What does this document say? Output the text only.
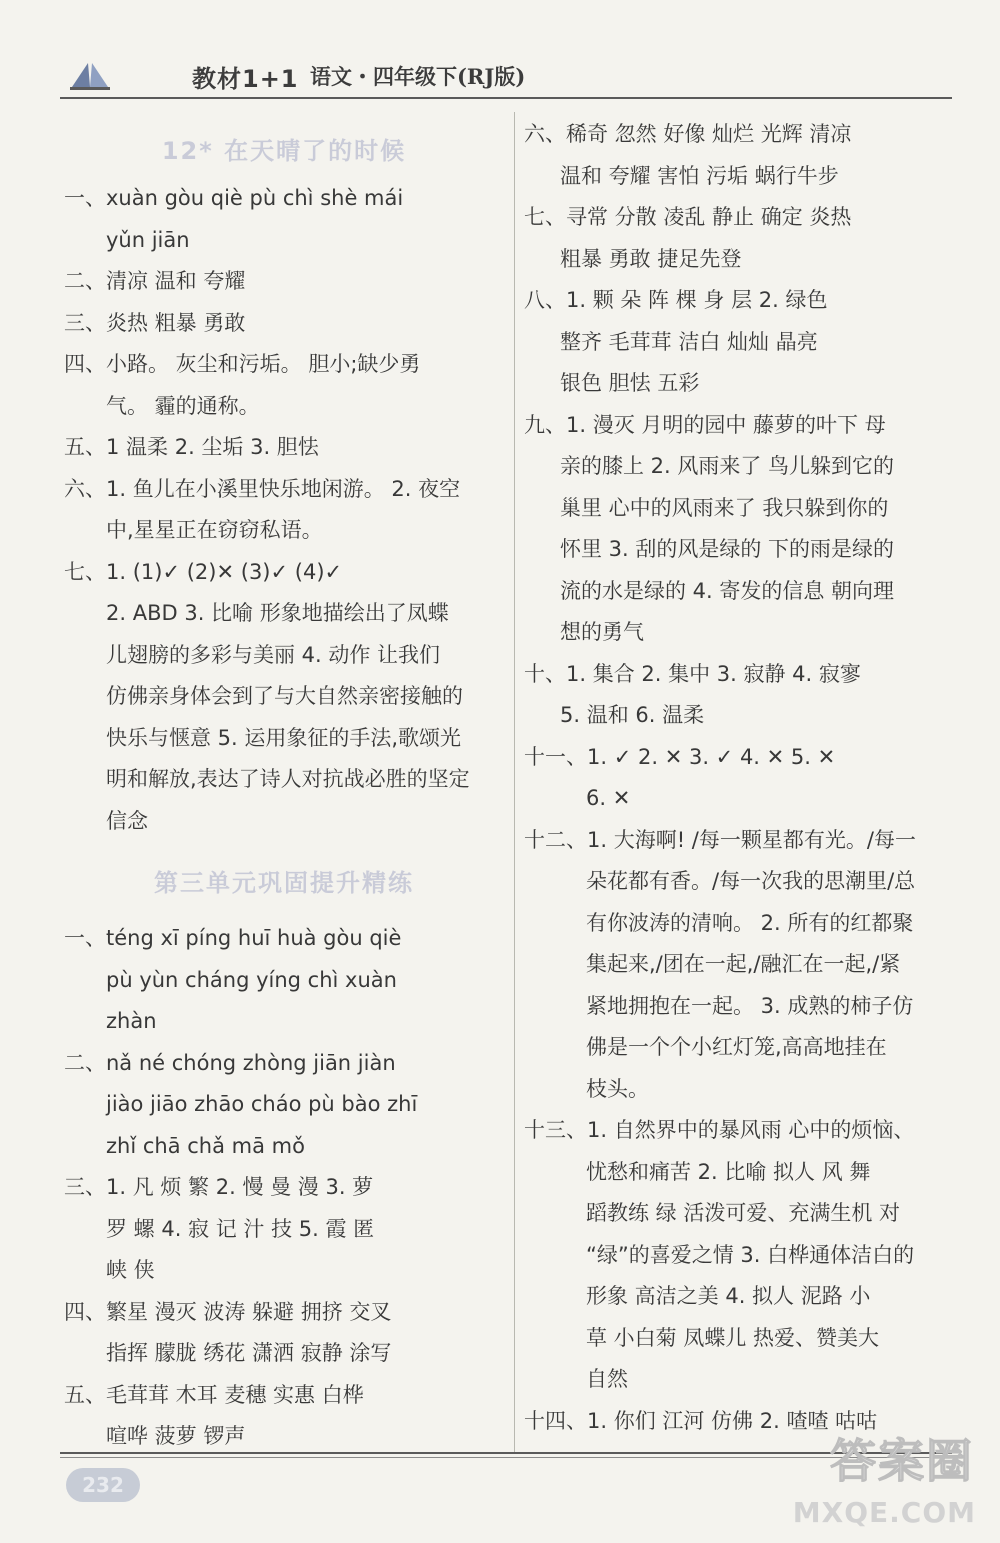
教材1+1 语文・四年级下(RJ版)
12* 在天晴了的时候
一、xuàn gòu qiè pù chì shè mái
yǔn jiān
二、清凉 温和 夸耀
三、炎热 粗暴 勇敢
四、小路。 灰尘和污垢。 胆小;缺少勇
气。 霾的通称。
五、1 温柔 2. 尘垢 3. 胆怯
六、1. 鱼儿在小溪里快乐地闲游。 2. 夜空
中,星星正在窃窃私语。
七、1. (1)✓ (2)✕ (3)✓ (4)✓
2. ABD 3. 比喻 形象地描绘出了凤蝶
儿翅膀的多彩与美丽 4. 动作 让我们
仿佛亲身体会到了与大自然亲密接触的
快乐与惬意 5. 运用象征的手法,歌颂光
明和解放,表达了诗人对抗战必胜的坚定
信念
第三单元巩固提升精练
一、téng xī píng huī huà gòu qiè
pù yùn cháng yíng chì xuàn
zhàn
二、nǎ né chóng zhòng jiān jiàn
jiào jiāo zhāo cháo pù bào zhī
zhǐ chā chǎ mā mǒ
三、1. 凡 烦 繁 2. 慢 曼 漫 3. 萝
罗 螺 4. 寂 记 汁 技 5. 霞 匿
峡 侠
四、繁星 漫灭 波涛 躲避 拥挤 交叉
指挥 朦胧 绣花 潇洒 寂静 涂写
五、毛茸茸 木耳 麦穗 实惠 白桦
喧哗 菠萝 锣声
六、稀奇 忽然 好像 灿烂 光辉 清凉
温和 夸耀 害怕 污垢 蜗行牛步
七、寻常 分散 凌乱 静止 确定 炎热
粗暴 勇敢 捷足先登
八、1. 颗 朵 阵 棵 身 层 2. 绿色
整齐 毛茸茸 洁白 灿灿 晶亮
银色 胆怯 五彩
九、1. 漫灭 月明的园中 藤萝的叶下 母
亲的膝上 2. 风雨来了 鸟儿躲到它的
巢里 心中的风雨来了 我只躲到你的
怀里 3. 刮的风是绿的 下的雨是绿的
流的水是绿的 4. 寄发的信息 朝向理
想的勇气
十、1. 集合 2. 集中 3. 寂静 4. 寂寥
5. 温和 6. 温柔
十一、1. ✓ 2. ✕ 3. ✓ 4. ✕ 5. ✕
6. ✕
十二、1. 大海啊! /每一颗星都有光。/每一
朵花都有香。/每一次我的思潮里/总
有你波涛的清响。 2. 所有的红都聚
集起来,/团在一起,/融汇在一起,/紧
紧地拥抱在一起。 3. 成熟的柿子仿
佛是一个个小红灯笼,高高地挂在
枝头。
十三、1. 自然界中的暴风雨 心中的烦恼、
忧愁和痛苦 2. 比喻 拟人 风 舞
蹈教练 绿 活泼可爱、充满生机 对
“绿”的喜爱之情 3. 白桦通体洁白的
形象 高洁之美 4. 拟人 泥路 小
草 小白菊 凤蝶儿 热爱、赞美大
自然
十四、1. 你们 江河 仿佛 2. 喳喳 咕咕
232	答案圈
MXQE.COM
